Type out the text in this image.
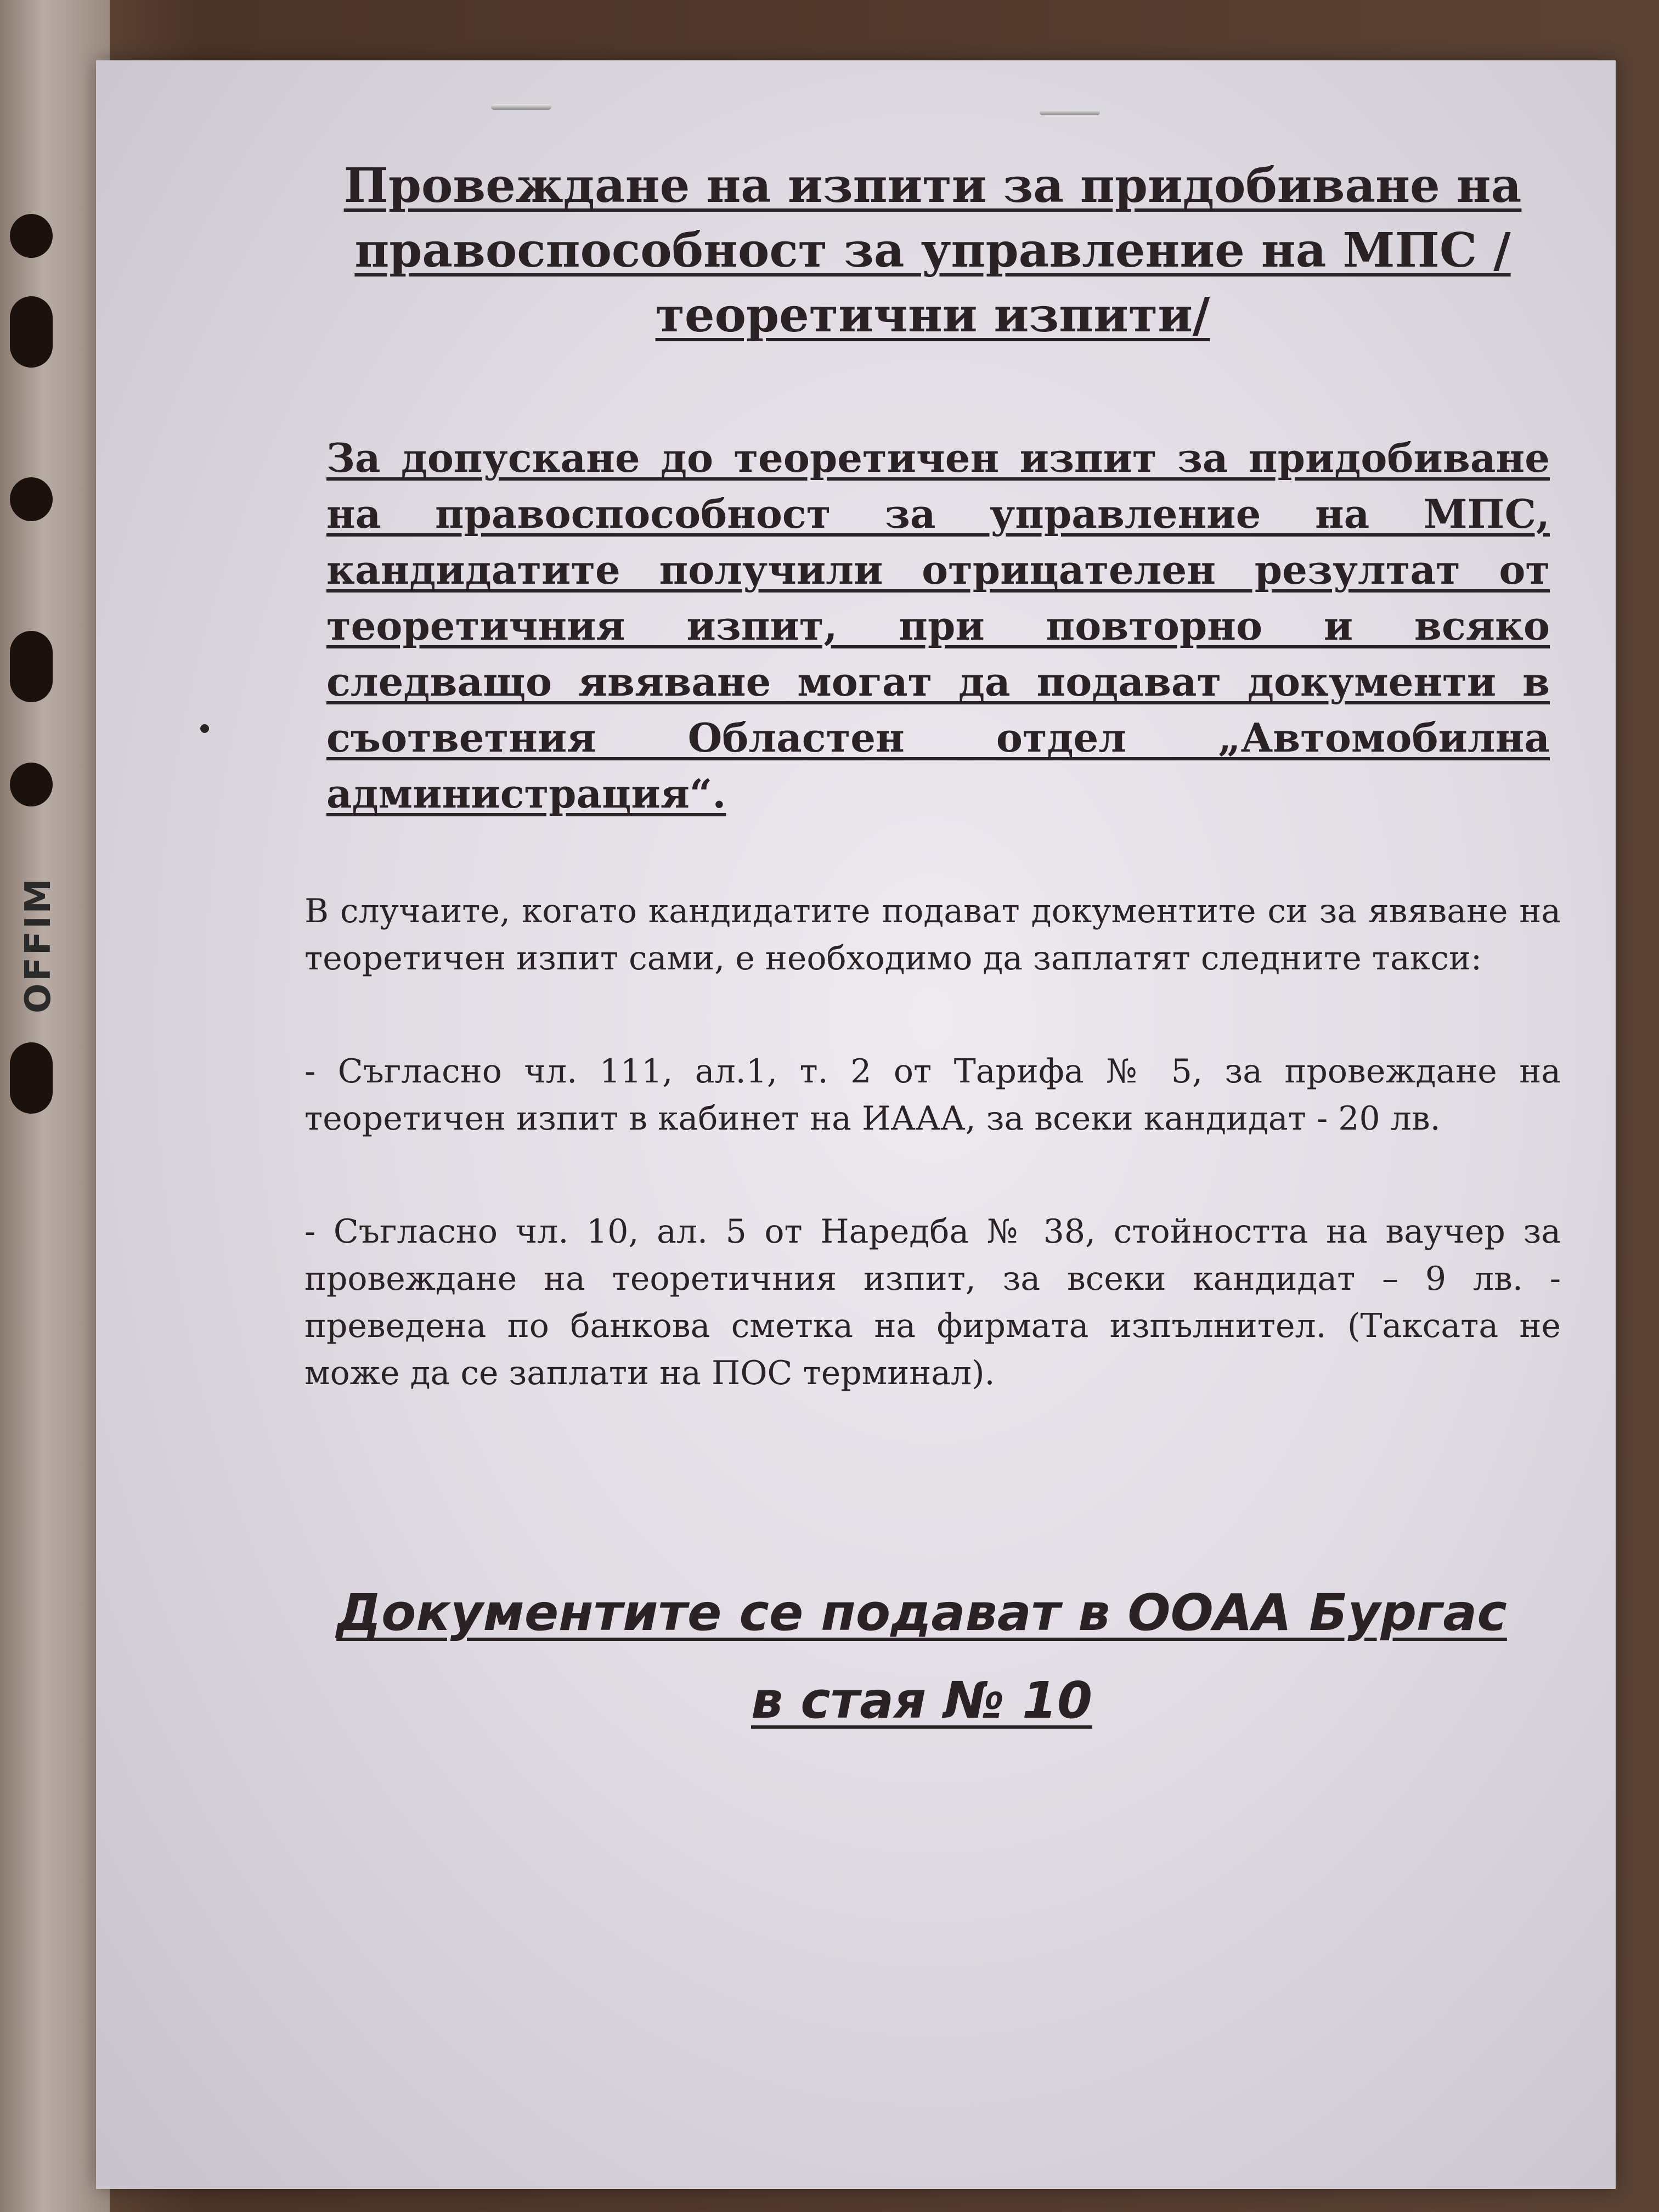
OFFIM
Провеждане на изпити за придобиване на правоспособност за управление на МПС /теоретични изпити/
За допускане до теоретичен изпит за придобиване на правоспособност за управление на МПС, кандидатите получили отрицателен резултат от теоретичния изпит, при повторно и всяко следващо явяване могат да подават документи в съответния Областен отдел „Автомобилна администрация“.
В случаите, когато кандидатите подават документите си за явяване на теоретичен изпит сами, е необходимо да заплатят следните такси:
- Съгласно чл. 111, ал.1, т. 2 от Тарифа № 5, за провеждане на теоретичен изпит в кабинет на ИААА, за всеки кандидат - 20 лв.
- Съгласно чл. 10, ал. 5 от Наредба № 38, стойността на ваучер за провеждане на теоретичния изпит, за всеки кандидат – 9 лв. - преведена по банкова сметка на фирмата изпълнител. (Таксата не може да се заплати на ПОС терминал).
Документите се подават в ООАА Бургас
в стая № 10
